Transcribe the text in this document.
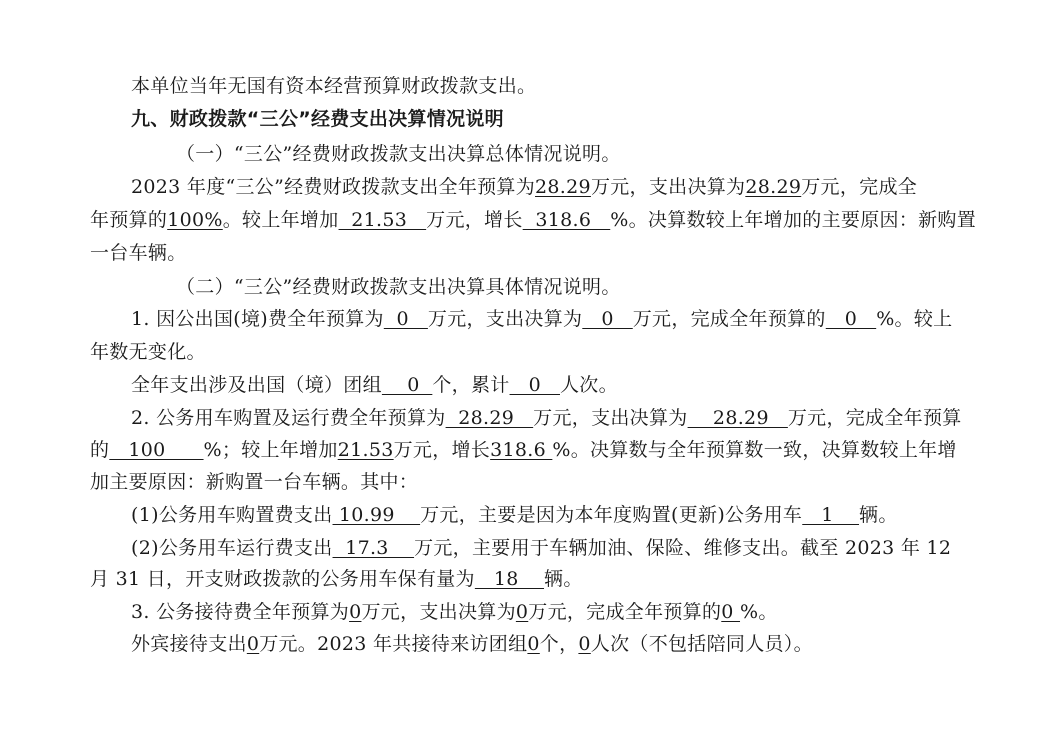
本单位当年无国有资本经营预算财政拨款支出。
九、财政拨款“三公”经费支出决算情况说明
（一）“三公”经费财政拨款支出决算总体情况说明。
2023 年度“三公”经费财政拨款支出全年预算为28.29万元，支出决算为28.29万元，完成全
年预算的100%。较上年增加  21.53   万元，增长  318.6   %。决算数较上年增加的主要原因：新购置
一台车辆。
（二）“三公”经费财政拨款支出决算具体情况说明。
1. 因公出国(境)费全年预算为  0   万元，支出决算为   0   万元，完成全年预算的   0   %。较上
年数无变化。
全年支出涉及出国（境）团组    0  个，累计   0   人次。
2. 公务用车购置及运行费全年预算为  28.29   万元，支出决算为    28.29   万元，完成全年预算
的   100      %；较上年增加21.53万元，增长318.6 %。决算数与全年预算数一致，决算数较上年增
加主要原因：新购置一台车辆。其中：
(1)公务用车购置费支出 10.99    万元，主要是因为本年度购置(更新)公务用车   1    辆。
(2)公务用车运行费支出  17.3    万元，主要用于车辆加油、保险、维修支出。截至 2023 年 12
月 31 日，开支财政拨款的公务用车保有量为   18    辆。
3. 公务接待费全年预算为0万元，支出决算为0万元，完成全年预算的0 %。
外宾接待支出0万元。2023 年共接待来访团组0个，0人次（不包括陪同人员）。
